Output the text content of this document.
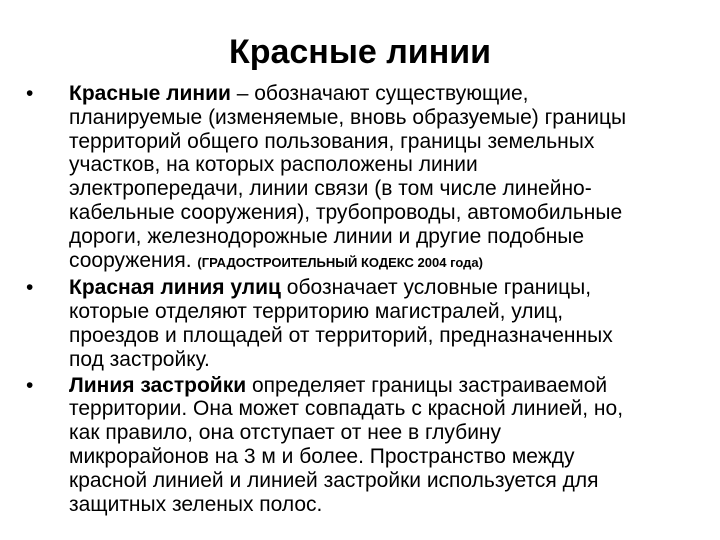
Красные линии
•	Красные линии – обозначают существующие,
планируемые (изменяемые, вновь образуемые) границы
территорий общего пользования, границы земельных
участков, на которых расположены линии
электропередачи, линии связи (в том числе линейно-
кабельные сооружения), трубопроводы, автомобильные
дороги, железнодорожные линии и другие подобные
сооружения. (ГРАДОСТРОИТЕЛЬНЫЙ КОДЕКС 2004 года)
•	Красная линия улиц обозначает условные границы,
которые отделяют территорию магистралей, улиц,
проездов и площадей от территорий, предназначенных
под застройку.
•	Линия застройки определяет границы застраиваемой
территории. Она может совпадать с красной линией, но,
как правило, она отступает от нее в глубину
микрорайонов на 3 м и более. Пространство между
красной линией и линией застройки используется для
защитных зеленых полос.
